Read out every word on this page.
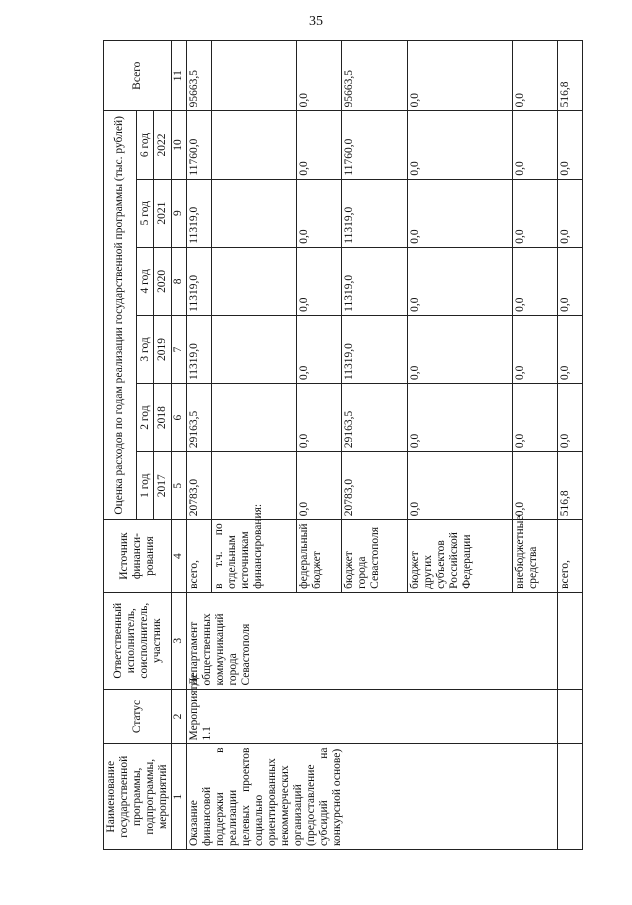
35
Наименование государственной программы, подпрограммы, мероприятий	Статус	Ответственный исполнитель, соисполнитель, участник	Источник финанси-рования	Оценка расходов по годам реализации государственной программы (тыс. рублей)						Всего
				1 год	2 год	3 год	4 год	5 год	6 год	
				2017	2018	2019	2020	2021	2022	
1	2	3	4	5	6	7	8	9	10	11
Оказание финансовой поддержки в реализации целевых проектов социально ориентированных некоммерческих организаций (предоставление субсидий на конкурсной основе)	Мероприятие 1.1	Департамент общественных коммуникаций города Севастополя	всего,	20783,0	29163,5	11319,0	11319,0	11319,0	11760,0	95663,5
			в т.ч. по отдельным источникам финансирования:							
			федеральный бюджет	0,0	0,0	0,0	0,0	0,0	0,0	0,0
			бюджет города Севастополя	20783,0	29163,5	11319,0	11319,0	11319,0	11760,0	95663,5
			бюджет других субъектов Российской Федерации	0,0	0,0	0,0	0,0	0,0	0,0	0,0
			внебюджетные средства	0,0	0,0	0,0	0,0	0,0	0,0	0,0
			всего,	516,8	0,0	0,0	0,0	0,0	0,0	516,8
